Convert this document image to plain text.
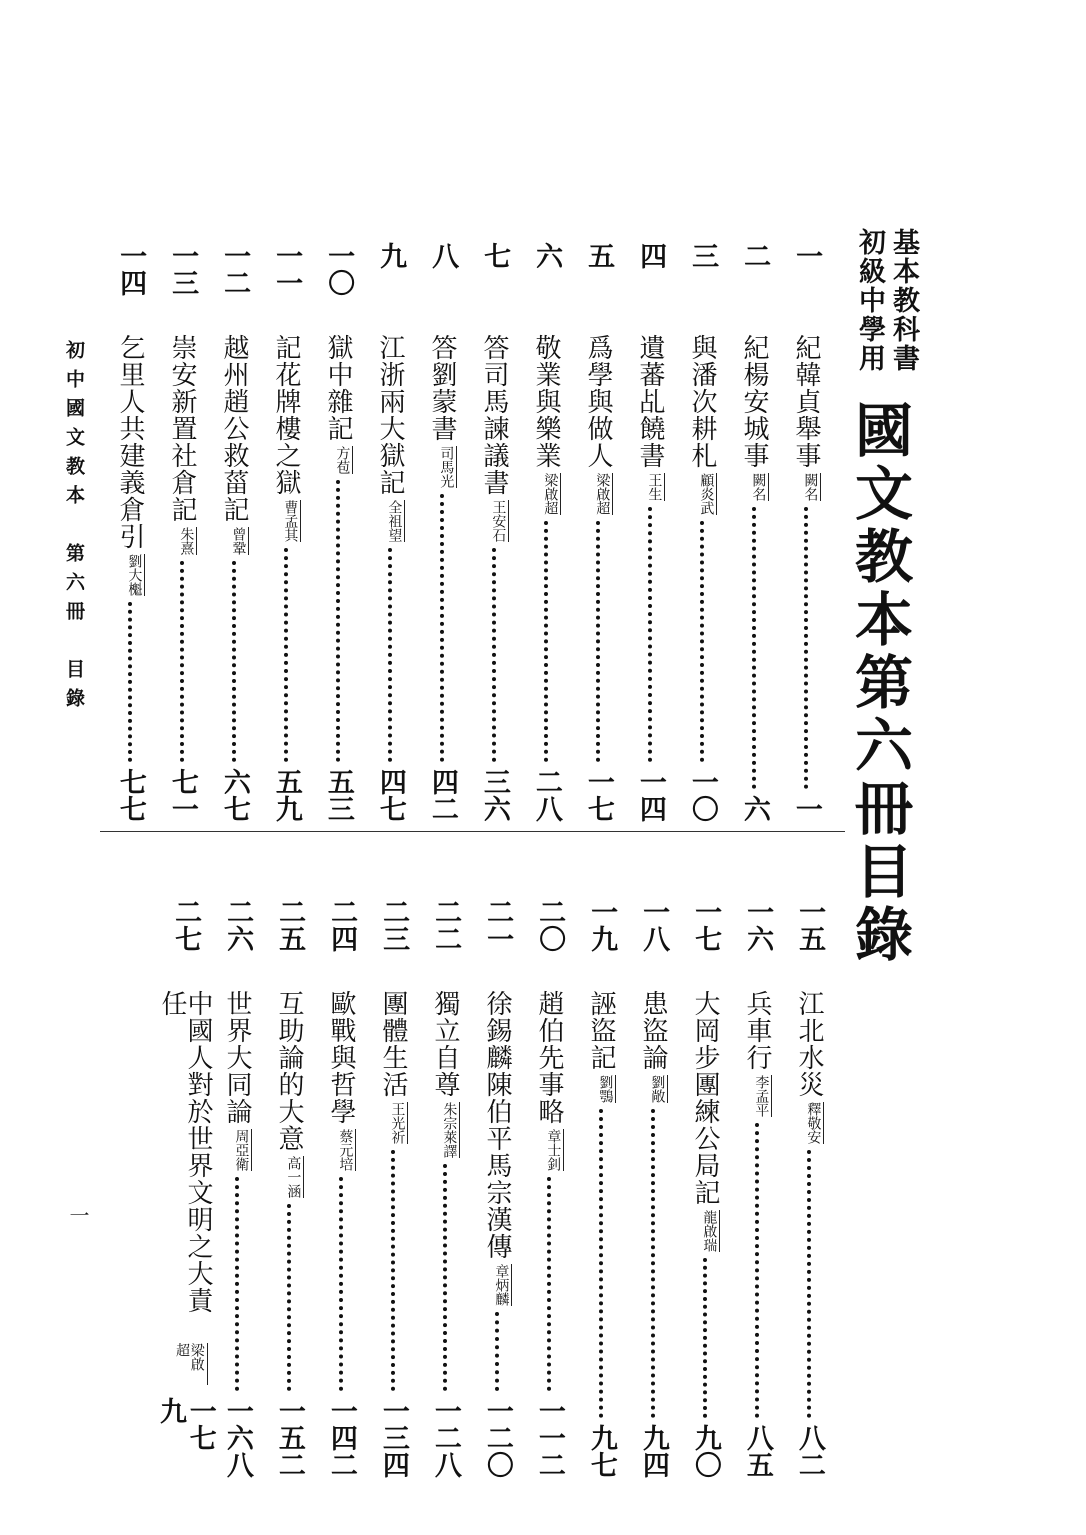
基本教科書
初級中學用
國文教本第六冊目錄
一
紀韓貞舉事
闕名
一
二
紀楊安城事
闕名
六
三
與潘次耕札
顧炎武
一〇
四
遺蕃乩饒書
王生
一四
五
爲學與做人
梁啟超
一七
六
敬業與樂業
梁啟超
二八
七
答司馬諫議書
王安石
三六
八
答劉蒙書
司馬光
四二
九
江浙兩大獄記
全祖望
四七
一〇
獄中雜記
方苞
五三
一一
記花牌樓之獄
曹孟其
五九
一二
越州趙公救菑記
曾鞏
六七
一三
崇安新置社倉記
朱熹
七一
一四
乞里人共建義倉引
劉大櫆
七七
一五
江北水災
釋敬安
八二
一六
兵車行
李孟平
八五
一七
大岡步團練公局記
龍啟瑞
九〇
一八
患盜論
劉敞
九四
一九
誣盜記
劉鶚
九七
二〇
趙伯先事略
章士釗
一一二
二一
徐錫麟陳伯平馬宗漢傳
章炳麟
一二〇
二二
獨立自尊
朱宗萊譯
一二八
二三
團體生活
王光祈
一三四
二四
歐戰與哲學
蔡元培
一四二
二五
互助論的大意
高一涵
一五二
二六
世界大同論
周亞衛
一六八
二七
中國人對於世界文明之大責任
梁啟超
一七九
初中國文教本　第六冊　目錄
一
